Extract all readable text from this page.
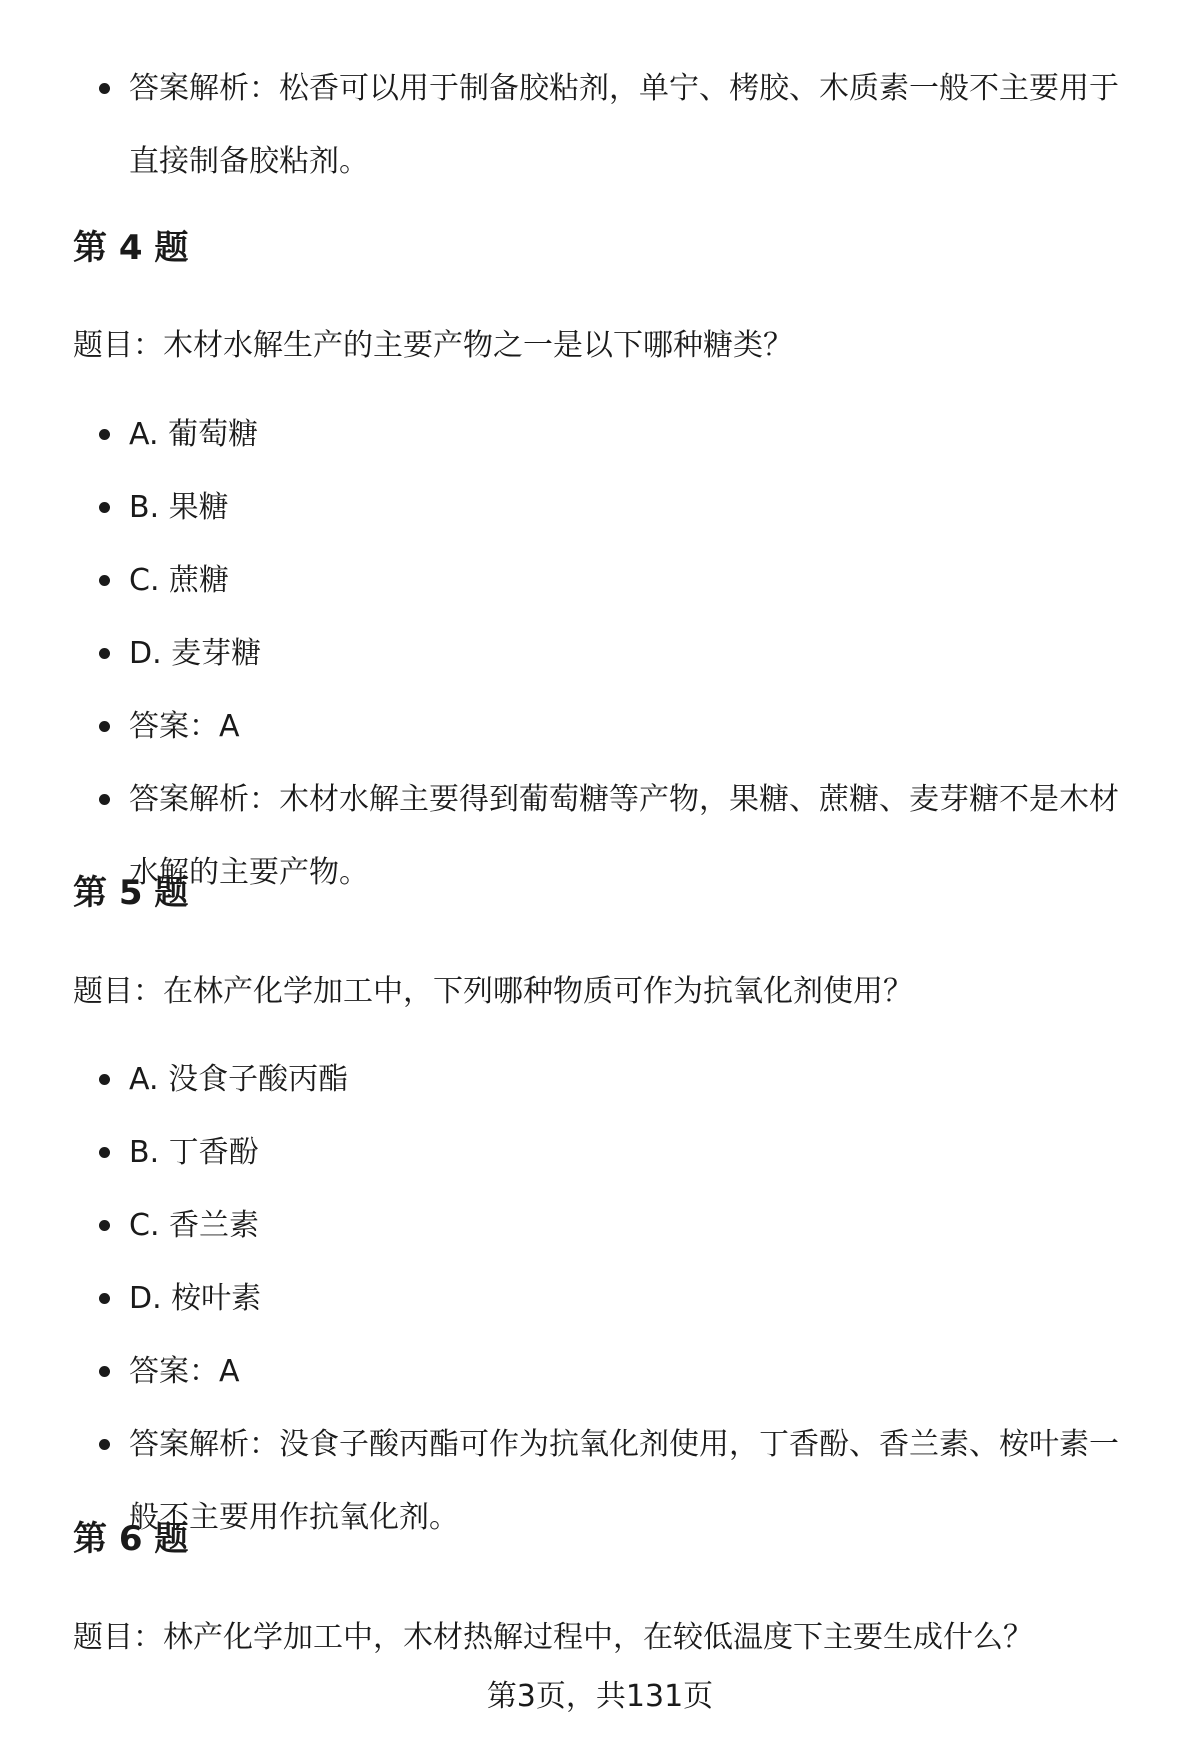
答案解析：松香可以用于制备胶粘剂，单宁、栲胶、木质素一般不主要用于直接制备胶粘剂。
第 4 题

题目：木材水解生产的主要产物之一是以下哪种糖类？

A. 葡萄糖
B. 果糖
C. 蔗糖
D. 麦芽糖
答案：A
答案解析：木材水解主要得到葡萄糖等产物，果糖、蔗糖、麦芽糖不是木材水解的主要产物。
第 5 题

题目：在林产化学加工中，下列哪种物质可作为抗氧化剂使用？

A. 没食子酸丙酯
B. 丁香酚
C. 香兰素
D. 桉叶素
答案：A
答案解析：没食子酸丙酯可作为抗氧化剂使用，丁香酚、香兰素、桉叶素一般不主要用作抗氧化剂。
第 6 题

题目：林产化学加工中，木材热解过程中，在较低温度下主要生成什么？

第3页，共131页
